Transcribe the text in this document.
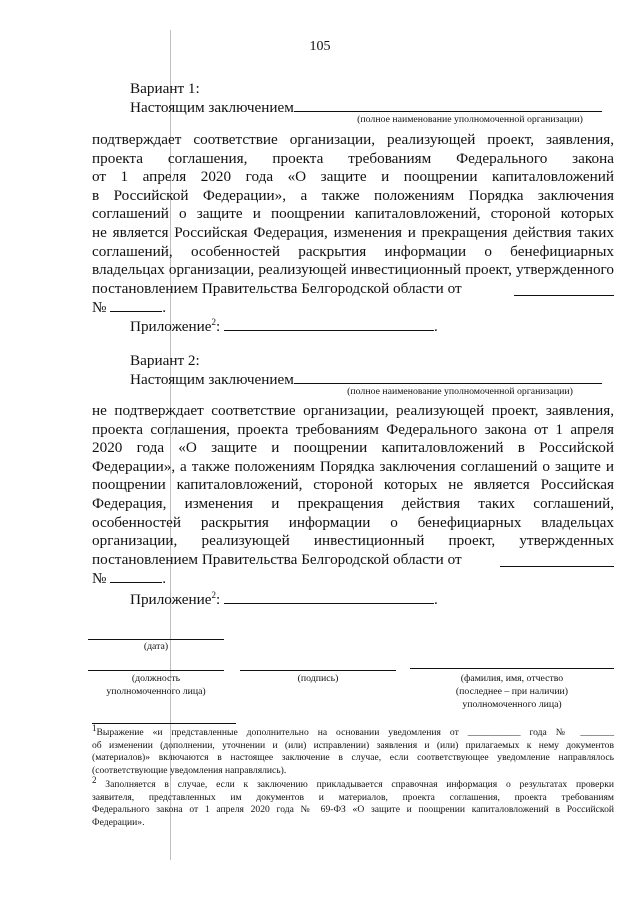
105
Вариант 1:
Настоящим заключением
(полное наименование уполномоченной организации)
подтверждает соответствие организации, реализующей проект, заявления,
проекта соглашения, проекта требованиям Федерального закона
от 1 апреля 2020 года «О защите и поощрении капиталовложений
в Российской Федерации», а также положениям Порядка заключения
соглашений о защите и поощрении капиталовложений, стороной которых
не является Российская Федерация, изменения и прекращения действия таких
соглашений, особенностей раскрытия информации о бенефициарных
владельцах организации, реализующей инвестиционный проект, утвержденного
постановлением Правительства Белгородской области от
№	.
Приложение$^2$:	.
Вариант 2:
Настоящим заключением
(полное наименование уполномоченной организации)
не подтверждает соответствие организации, реализующей проект, заявления,
проекта соглашения, проекта требованиям Федерального закона от 1 апреля
2020 года «О защите и поощрении капиталовложений в Российской
Федерации», а также положениям Порядка заключения соглашений о защите и
поощрении капиталовложений, стороной которых не является Российская
Федерация, изменения и прекращения действия таких соглашений,
особенностей раскрытия информации о бенефициарных владельцах
организации, реализующей инвестиционный проект, утвержденных
постановлением Правительства Белгородской области от
№	.
Приложение$^2$:	.
(дата)
(должность
уполномоченного лица)
(подпись)	(фамилия, имя, отчество
(последнее – при наличии)
уполномоченного лица)
$^1$Выражение «и представленные дополнительно на основании уведомления от ___________ года № _______
об изменении (дополнении, уточнении и (или) исправлении) заявления и (или) прилагаемых к нему документов
(материалов)» включаются в настоящее заключение в случае, если соответствующее уведомление направлялось
(соответствующие уведомления направлялись).
$^2$ Заполняется в случае, если к заключению прикладывается справочная информация о результатах проверки
заявителя, представленных им документов и материалов, проекта соглашения, проекта требованиям
Федерального закона от 1 апреля 2020 года № 69-ФЗ «О защите и поощрении капиталовложений в Российской
Федерации».
